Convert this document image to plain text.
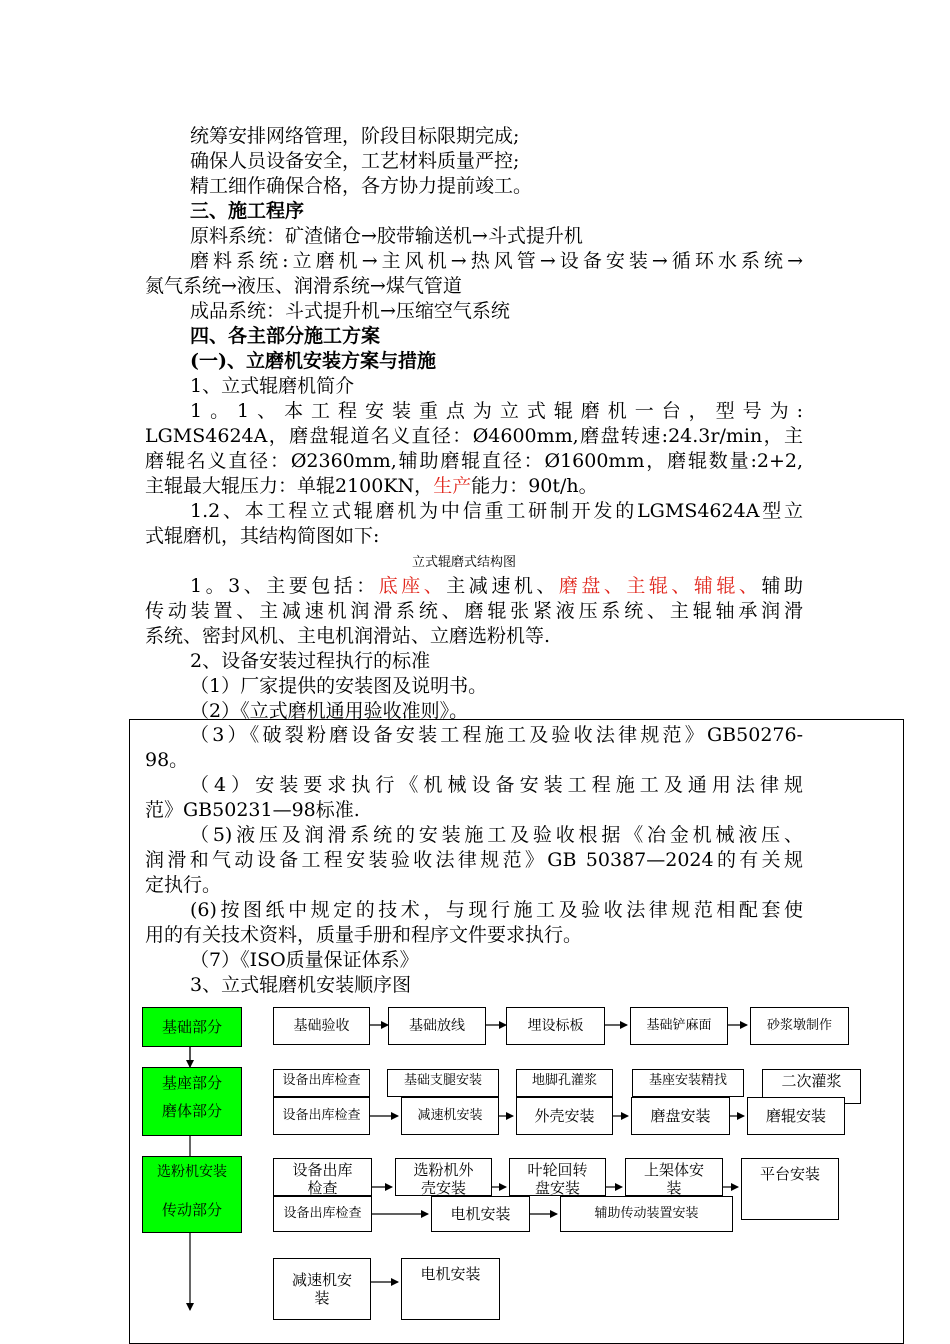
统筹安排网络管理，阶段目标限期完成;
确保人员设备安全，工艺材料质量严控;
精工细作确保合格，各方协力提前竣工。
三、施工程序
原料系统：矿渣储仓→胶带输送机→斗式提升机
磨料系统:立磨机→主风机→热风管→设备安装→循环水系统→
氮气系统→液压、润滑系统→煤气管道
成品系统：斗式提升机→压缩空气系统
四、各主部分施工方案
(一)、立磨机安装方案与措施
1、立式辊磨机简介
1。1、本工程安装重点为立式辊磨机一台，型号为:
LGMS4624A，磨盘辊道名义直径：Ø4600mm,磨盘转速:24.3r/min，主
磨辊名义直径：Ø2360mm,辅助磨辊直径：Ø1600mm，磨辊数量:2+2,
主辊最大辊压力：单辊2100KN，生产能力：90t/h。
1.2、本工程立式辊磨机为中信重工研制开发的LGMS4624A型立
式辊磨机，其结构简图如下:
立式辊磨式结构图
1。3、主要包括：底座、主减速机、磨盘、主辊、辅辊、辅助
传动装置、主减速机润滑系统、磨辊张紧液压系统、主辊轴承润滑
系统、密封风机、主电机润滑站、立磨选粉机等.
2、设备安装过程执行的标准
（1）厂家提供的安装图及说明书。
（2）《立式磨机通用验收准则》。
（3）《破裂粉磨设备安装工程施工及验收法律规范》GB50276-
98。
（4）安装要求执行《机械设备安装工程施工及通用法律规
范》GB50231—98标准.
（5)液压及润滑系统的安装施工及验收根据《冶金机械液压、
润滑和气动设备工程安装验收法律规范》GB 50387—2024的有关规
定执行。
(6)按图纸中规定的技术，与现行施工及验收法律规范相配套使
用的有关技术资料，质量手册和程序文件要求执行。
（7）《ISO质量保证体系》
3、立式辊磨机安装顺序图
基础部分
基座部分
磨体部分
选粉机安装
传动部分
基础验收	基础放线	埋设标板	基础铲麻面	砂浆墩制作
设备出库检查	基础支腿安装	地脚孔灌浆	基座安装精找	二次灌浆
设备出库检查	减速机安装	外壳安装	磨盘安装	磨辊安装
设备出库检查
选粉机外壳安装
叶轮回转盘安装
上架体安装
平台安装
设备出库检查	电机安装	辅助传动装置安装
减速机安装
电机安装
